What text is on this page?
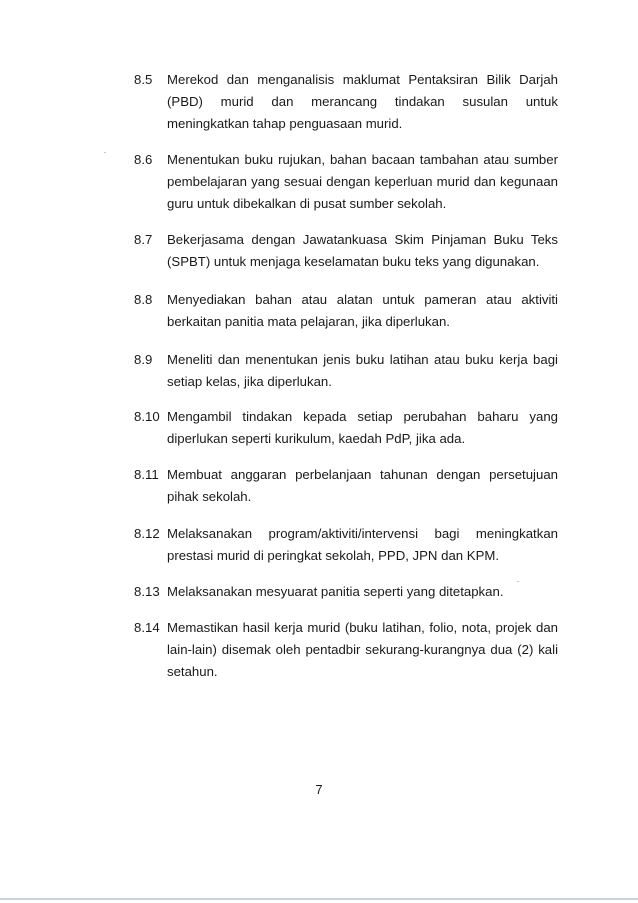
8.5	Merekod dan menganalisis maklumat Pentaksiran Bilik Darjah (PBD) murid dan merancang tindakan susulan untuk meningkatkan tahap penguasaan murid.
8.6	Menentukan buku rujukan, bahan bacaan tambahan atau sumber pembelajaran yang sesuai dengan keperluan murid dan kegunaan guru untuk dibekalkan di pusat sumber sekolah.
8.7	Bekerjasama dengan Jawatankuasa Skim Pinjaman Buku Teks (SPBT) untuk menjaga keselamatan buku teks yang digunakan.
8.8	Menyediakan bahan atau alatan untuk pameran atau aktiviti berkaitan panitia mata pelajaran, jika diperlukan.
8.9	Meneliti dan menentukan jenis buku latihan atau buku kerja bagi setiap kelas, jika diperlukan.
8.10 Mengambil tindakan kepada setiap perubahan baharu yang diperlukan seperti kurikulum, kaedah PdP, jika ada.
8.11 Membuat anggaran perbelanjaan tahunan dengan persetujuan pihak sekolah.
8.12 Melaksanakan program/aktiviti/intervensi bagi meningkatkan prestasi murid di peringkat sekolah, PPD, JPN dan KPM.
8.13 Melaksanakan mesyuarat panitia seperti yang ditetapkan.
8.14 Memastikan hasil kerja murid (buku latihan, folio, nota, projek dan lain-lain) disemak oleh pentadbir sekurang-kurangnya dua (2) kali setahun.
7
